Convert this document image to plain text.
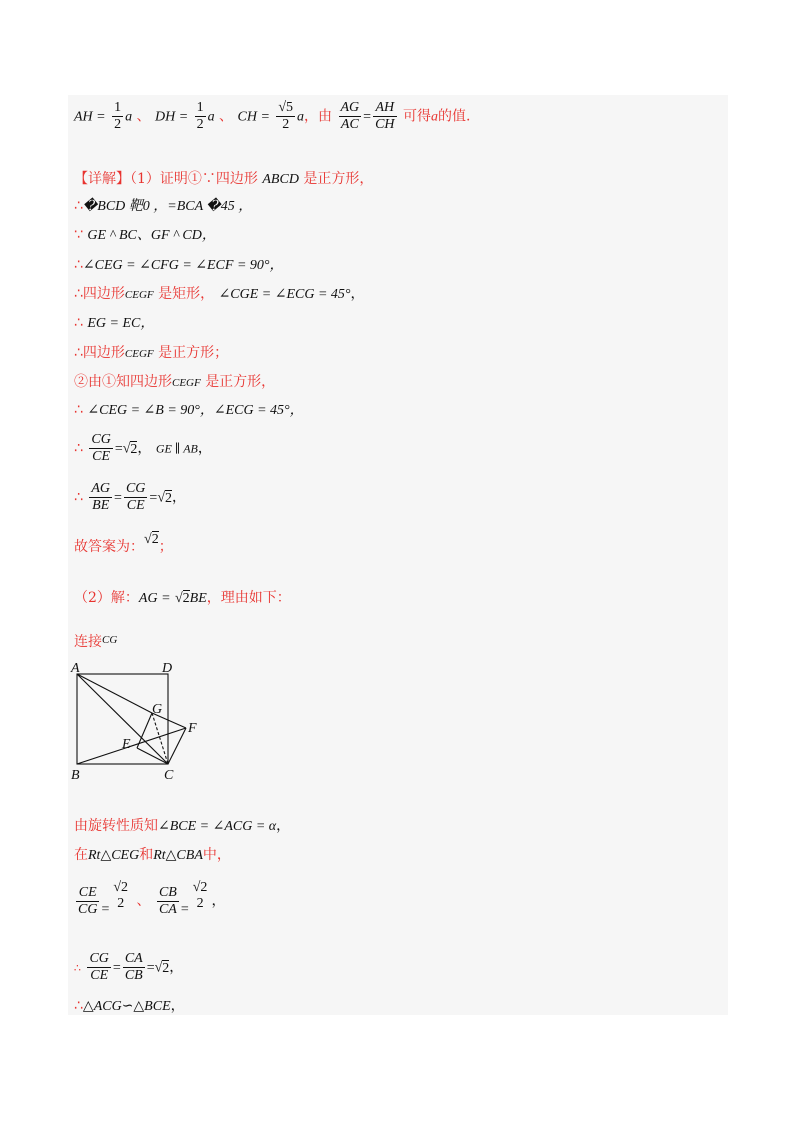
AH = $\frac{1}{2}$ a 、 DH = $\frac{1}{2}$ a 、 CH = $\frac{√5}{2}$ a，由 $\frac{AG}{AC} = \frac{AH}{CH}$ 可得a的值.
【详解】（1）证明①∵四边形 ABCD 是正方形，
∴�BCD 靶0 ，=BCA �45 ，
∵ GE ^ BC、GF ^ CD，
∴∠CEG = ∠CFG = ∠ECF = 90°，
∴四边形CEGF 是矩形， ∠CGE = ∠ECG = 45°，
∴ EG = EC，
∴四边形CEGF 是正方形；
②由①知四边形CEGF 是正方形，
∴ ∠CEG = ∠B = 90°，∠ECG = 45°，
∴ $\frac{CG}{CE} =√2$， GE ∥ AB，
∴ $\frac{AG}{BE} = \frac{CG}{CE} =√2$，
故答案为：√2；
（2）解：AG = √2BE，理由如下：
连接$^{CG}$
A	D
B	C
G
F
E
由旋转性质知∠BCE = ∠ACG = α，
在Rt△CEG和Rt△CBA中，
$\frac{CE}{CG}$ =
√2
2 、 $\frac{CB}{CA}$ =
√2
2 ，
∴ $\frac{CG}{CE} = \frac{CA}{CB} =√2$，
∴△ACG∽△BCE，
